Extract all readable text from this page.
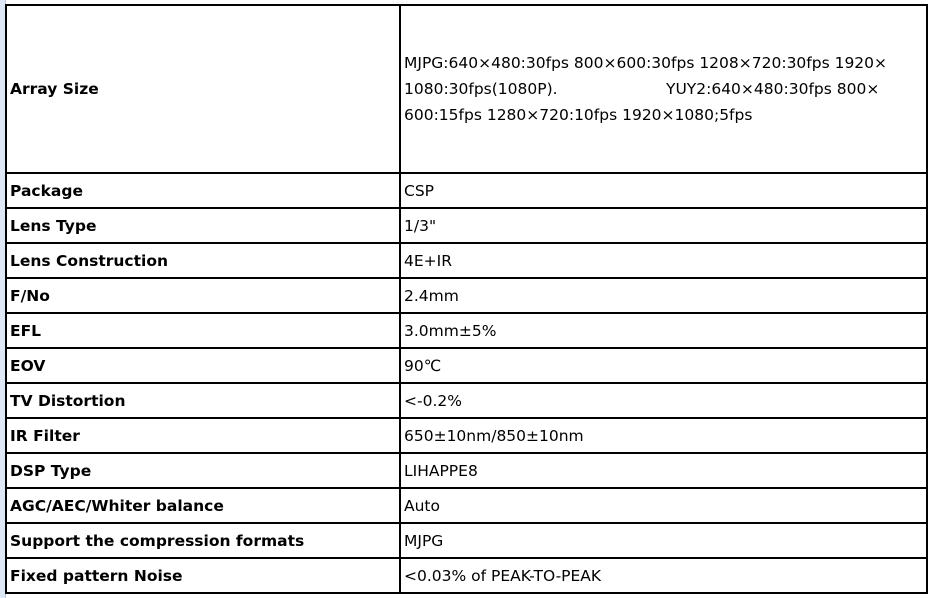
Array Size	MJPG:640×480:30fps 800×600:30fps 1208×720:30fps 1920×
1080:30fps(1080P).                      YUY2:640×480:30fps 800×
600:15fps 1280×720:10fps 1920×1080;5fps

Package	CSP
Lens Type	1/3"
Lens Construction	4E+IR
F/No	2.4mm
EFL	3.0mm±5%
EOV	90℃
TV Distortion	<-0.2%
IR Filter	650±10nm/850±10nm
DSP Type	LIHAPPE8
AGC/AEC/Whiter balance	Auto
Support the compression formats	MJPG
Fixed pattern Noise	<0.03% of PEAK-TO-PEAK
